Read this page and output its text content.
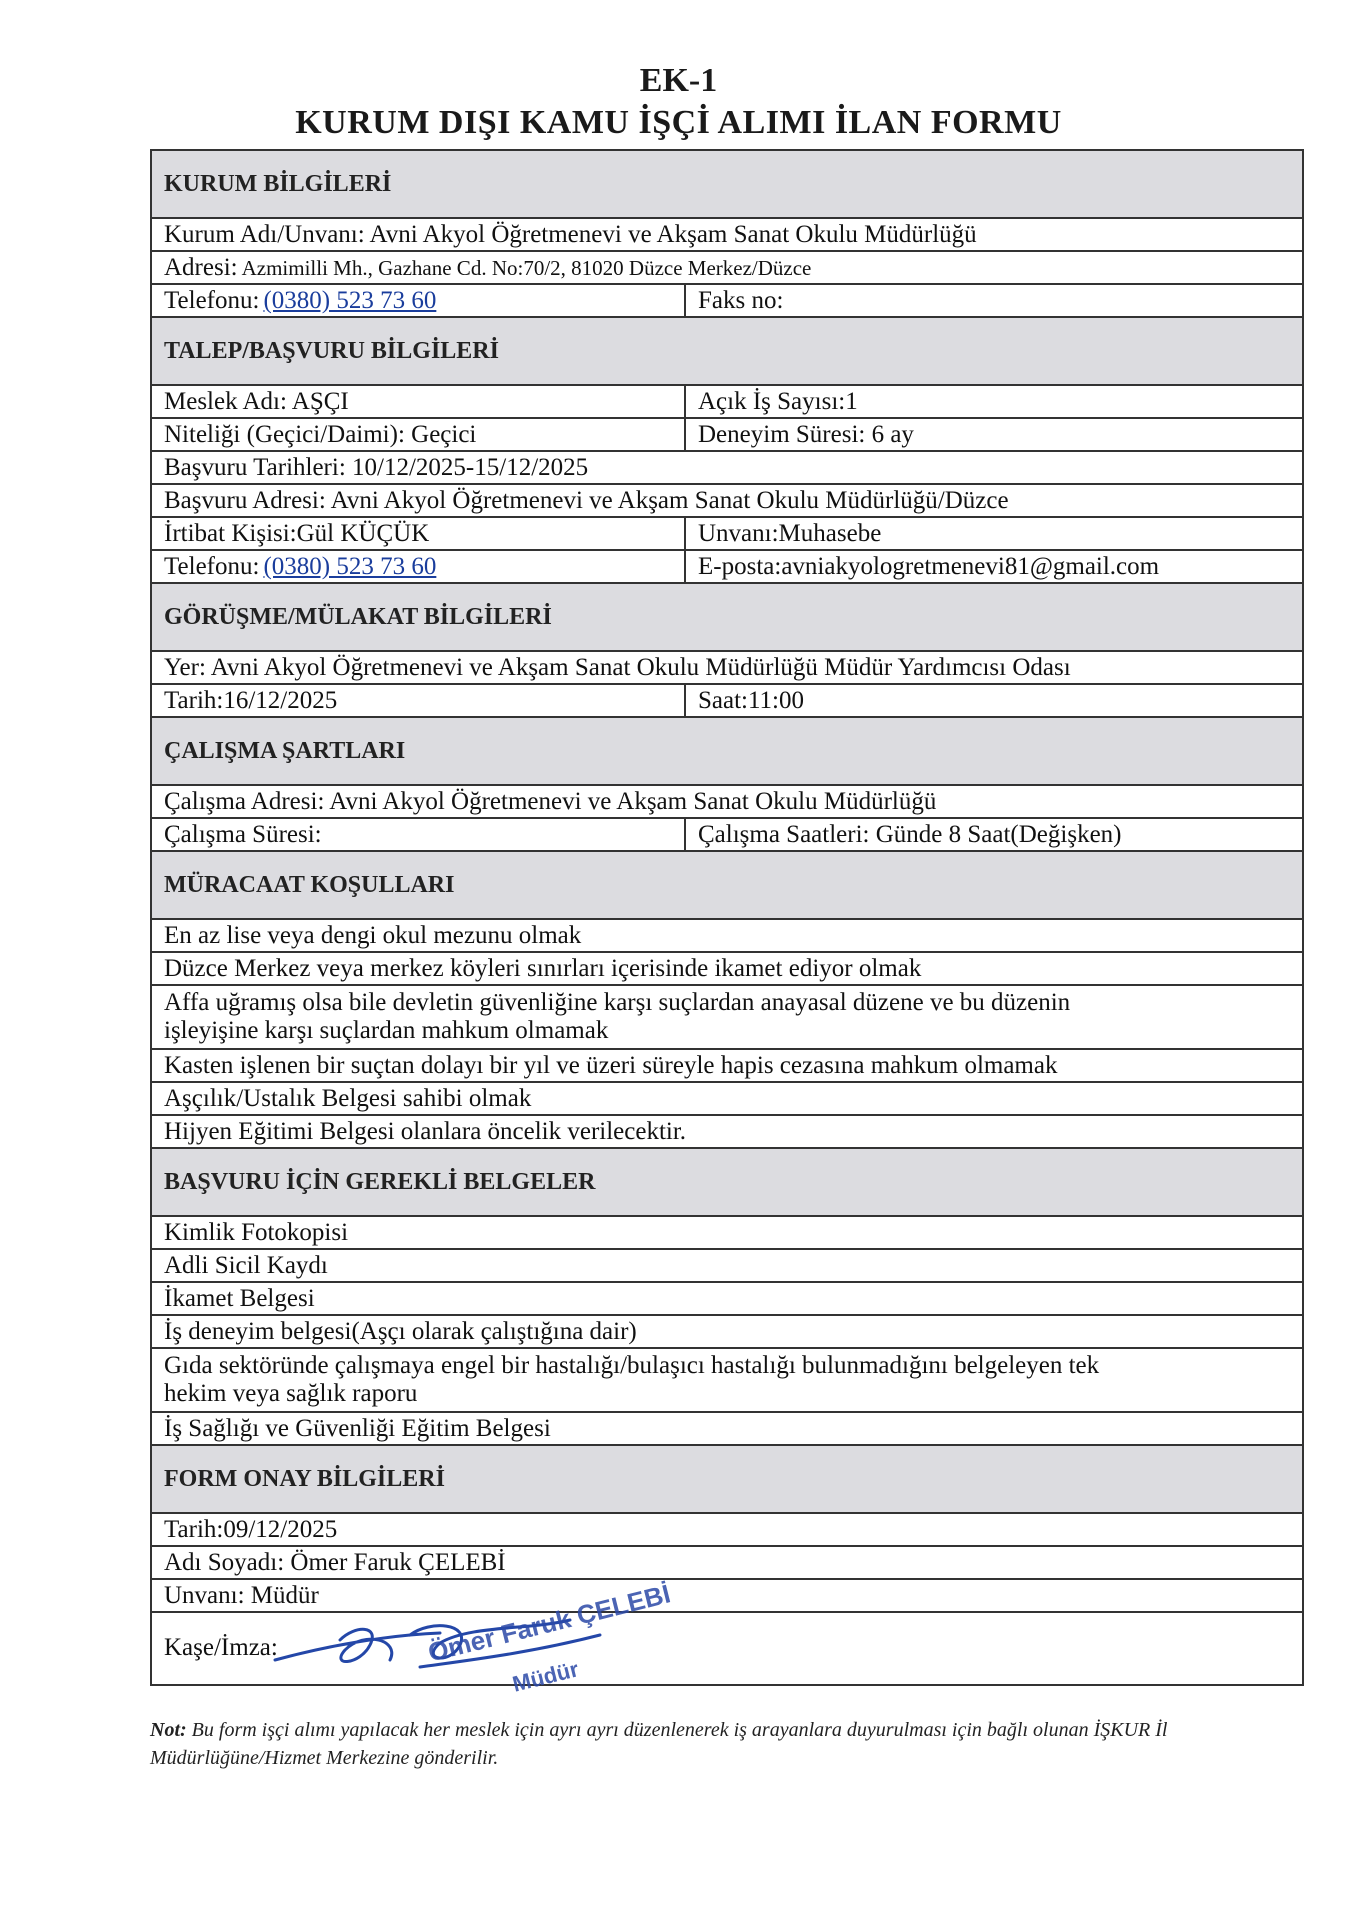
EK-1
KURUM DIŞI KAMU İŞÇİ ALIMI İLAN FORMU
KURUM BİLGİLERİ
Kurum Adı/Unvanı: Avni Akyol Öğretmenevi ve Akşam Sanat Okulu Müdürlüğü
Adresi: Azmimilli Mh., Gazhane Cd. No:70/2, 81020 Düzce Merkez/Düzce
Telefonu: (0380) 523 73 60	Faks no:
TALEP/BAŞVURU BİLGİLERİ
Meslek Adı: AŞÇI	Açık İş Sayısı:1
Niteliği (Geçici/Daimi): Geçici	Deneyim Süresi: 6 ay
Başvuru Tarihleri: 10/12/2025-15/12/2025
Başvuru Adresi: Avni Akyol Öğretmenevi ve Akşam Sanat Okulu Müdürlüğü/Düzce
İrtibat Kişisi:Gül KÜÇÜK	Unvanı:Muhasebe
Telefonu: (0380) 523 73 60	E-posta:avniakyologretmenevi81@gmail.com
GÖRÜŞME/MÜLAKAT BİLGİLERİ
Yer: Avni Akyol Öğretmenevi ve Akşam Sanat Okulu Müdürlüğü Müdür Yardımcısı Odası
Tarih:16/12/2025	Saat:11:00
ÇALIŞMA ŞARTLARI
Çalışma Adresi: Avni Akyol Öğretmenevi ve Akşam Sanat Okulu Müdürlüğü
Çalışma Süresi:	Çalışma Saatleri: Günde 8 Saat(Değişken)
MÜRACAAT KOŞULLARI
En az lise veya dengi okul mezunu olmak
Düzce Merkez veya merkez köyleri sınırları içerisinde ikamet ediyor olmak
Affa uğramış olsa bile devletin güvenliğine karşı suçlardan anayasal düzene ve bu düzenin
işleyişine karşı suçlardan mahkum olmamak
Kasten işlenen bir suçtan dolayı bir yıl ve üzeri süreyle hapis cezasına mahkum olmamak
Aşçılık/Ustalık Belgesi sahibi olmak
Hijyen Eğitimi Belgesi olanlara öncelik verilecektir.
BAŞVURU İÇİN GEREKLİ BELGELER
Kimlik Fotokopisi
Adli Sicil Kaydı
İkamet Belgesi
İş deneyim belgesi(Aşçı olarak çalıştığına dair)
Gıda sektöründe çalışmaya engel bir hastalığı/bulaşıcı hastalığı bulunmadığını belgeleyen tek
hekim veya sağlık raporu
İş Sağlığı ve Güvenliği Eğitim Belgesi
FORM ONAY BİLGİLERİ
Tarih:09/12/2025
Adı Soyadı: Ömer Faruk ÇELEBİ
Unvanı: Müdür
Kaşe/İmza:	Ömer Faruk ÇELEBİ
Müdür
Not: Bu form işçi alımı yapılacak her meslek için ayrı ayrı düzenlenerek iş arayanlara duyurulması için bağlı olunan İŞKUR İl Müdürlüğüne/Hizmet Merkezine gönderilir.
